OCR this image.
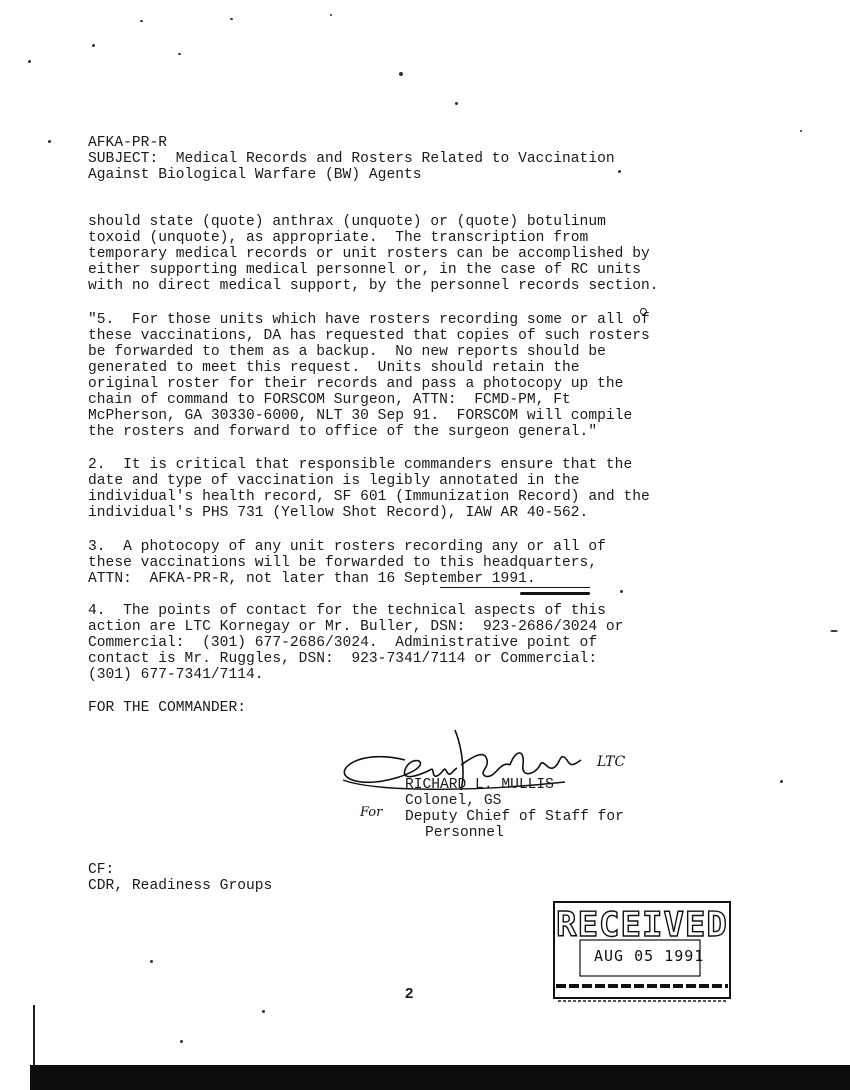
AFKA-PR-R
SUBJECT:  Medical Records and Rosters Related to Vaccination
Against Biological Warfare (BW) Agents
should state (quote) anthrax (unquote) or (quote) botulinum
toxoid (unquote), as appropriate.  The transcription from
temporary medical records or unit rosters can be accomplished by
either supporting medical personnel or, in the case of RC units
with no direct medical support, by the personnel records section.
"5.  For those units which have rosters recording some or all of
these vaccinations, DA has requested that copies of such rosters
be forwarded to them as a backup.  No new reports should be
generated to meet this request.  Units should retain the
original roster for their records and pass a photocopy up the
chain of command to FORSCOM Surgeon, ATTN:  FCMD-PM, Ft
McPherson, GA 30330-6000, NLT 30 Sep 91.  FORSCOM will compile
the rosters and forward to office of the surgeon general."
2.  It is critical that responsible commanders ensure that the
date and type of vaccination is legibly annotated in the
individual's health record, SF 601 (Immunization Record) and the
individual's PHS 731 (Yellow Shot Record), IAW AR 40-562.
3.  A photocopy of any unit rosters recording any or all of
these vaccinations will be forwarded to this headquarters,
ATTN:  AFKA-PR-R, not later than 16 September 1991.
4.  The points of contact for the technical aspects of this
action are LTC Kornegay or Mr. Buller, DSN:  923-2686/3024 or
Commercial:  (301) 677-2686/3024.  Administrative point of
contact is Mr. Ruggles, DSN:  923-7341/7114 or Commercial:
(301) 677-7341/7114.
FOR THE COMMANDER:
LTC
RICHARD L. MULLIS
Colonel, GS
Deputy Chief of Staff for
Personnel
For
CF:
CDR, Readiness Groups
RECEIVED
AUG 05 1991
2
